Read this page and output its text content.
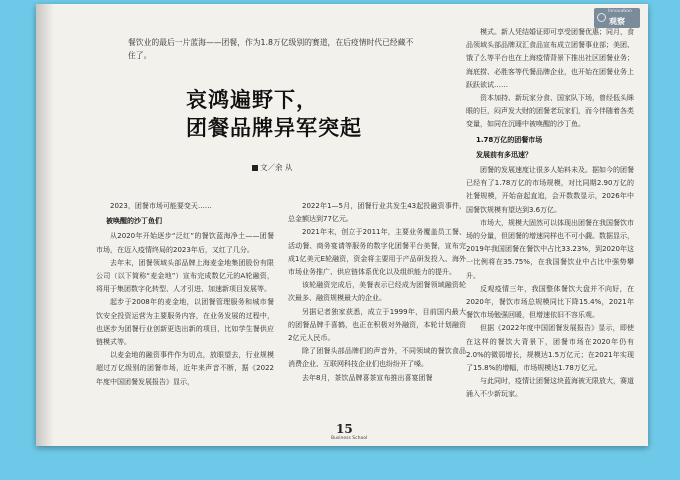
Innovation
观察
餐饮业的最后一片蓝海——团餐，作为1.8万亿级别的赛道，在后疫情时代已经藏不住了。
哀鸿遍野下，
团餐品牌异军突起
文／余 从

2023，团餐市场可能要变天……

被唤醒的沙丁鱼们

从2020年开始逐步“泛红”的餐饮蓝海净土——团餐市场，在迈入疫情终局的2023年后，又红了几分。

去年末，团餐领域头部品牌上海麦金地集团股份有限公司（以下简称“麦金地”）宣布完成数亿元的A轮融资，将用于集团数字化转型、人才引进、加速新项目发展等。

起步于2008年的麦金地，以团餐管理服务和城市餐饮安全投资运营为主要服务内容，在业务发展的过程中，也逐步为团餐行业创新更迭出新的项目，比如学生餐供应链模式等。

以麦金地的融资事件作为切点，放眼望去，行业规模超过万亿级别的团餐市场，近年来声音不断，据《2022年度中国团餐发展报告》显示，

2022年1—5月，团餐行业共发生43起投融资事件，总金额达到77亿元。

2021年末，创立于2011年，主要业务覆盖员工餐、活动餐、商务宴请等服务的数字化团餐平台美餐，宣布完成1亿美元E轮融资，资金将主要用于产品研发投入、海外市场业务推广、供应链体系优化以及组织能力的提升。

该轮融资完成后，美餐表示已经成为团餐领域融资轮次最多、融资规模最大的企业。

另据记者独家获悉，成立于1999年，目前国内最大的团餐品牌千喜鹤，也正在积极对外融资，本轮计划融资2亿元人民币。

除了团餐头部品牌们的声音外，不同领域的餐饮食品消费企业、互联网科技企业们也纷纷开了嗓。

去年8月，茶饮品牌喜茶宣布推出喜宴团餐

模式。新人凭结婚证即可享受团餐优惠；同月，食品领域头部品牌双汇食品宣布成立团餐事业部；美团、饿了么等平台也在上海疫情背景下推出社区团餐业务；海底捞、必胜客等代餐品牌企业，也开始在团餐业务上跃跃欲试……

资本加持、新玩家分食、国家队下场，曾经低头眯眼的巨，闷声发大财的团餐老玩家们，而今伴随着各类变量，如同在沉睡中被唤醒的沙丁鱼。

1.78万亿的团餐市场

发展前有多迅速？

团餐的发展速度让很多人始料未及。据如今的团餐已经有了1.78万亿的市场规模，对比同期2.90万亿的社餐规模，开始奋起直追，会开数数显示，2026年中国餐饮规模有望达到3.6万亿。

市场大，规模大固然可以体现出团餐在我国餐饮市场的分量，但团餐的增速同样也不可小觑。数据显示，2019年我国团餐在餐饮中占比33.23%，到2020年这一比例将在35.75%，在我国餐饮业中占比中强势攀升。

反观疫情三年，我国整体餐饮大盘并不向好，在2020年，餐饮市场总规模同比下降15.4%，2021年餐饮市场勉强回暖，但增速依旧不容乐观。

但据《2022年度中国团餐发展报告》显示，即使在这样的餐饮大背景下，团餐市场在2020年仍有2.0%的微弱增长，规模达1.5万亿元；在2021年实现了15.8%的增幅，市场规模达1.78万亿元。

与此同时，疫情让团餐这块蓝海被无限放大，赛道涌入不少新玩家。

15
Business School
